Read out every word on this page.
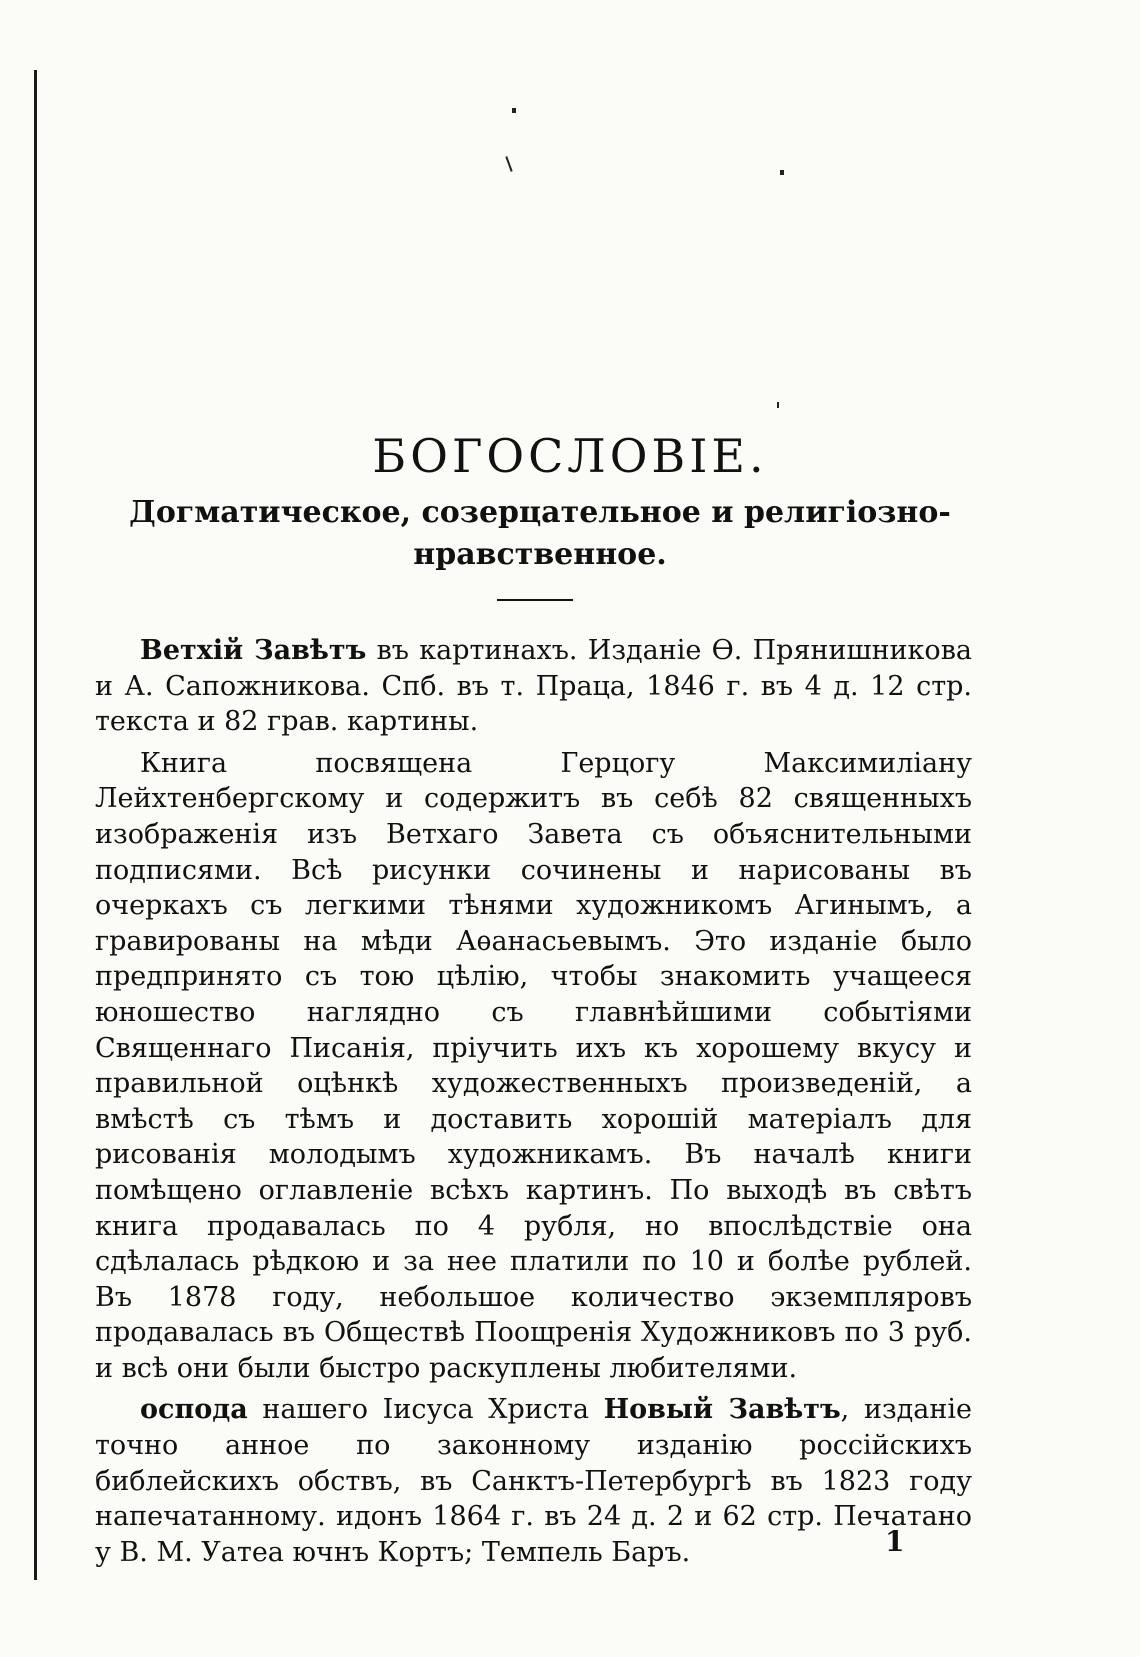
БОГОСЛОВІЕ.
Догматическое, созерцательное и религіозно-нравственное.

Ветхій Завѣтъ въ картинахъ. Изданіе Ѳ. Прянишникова и А. Сапожникова. Спб. въ т. Праца, 1846 г. въ 4 д. 12 стр. текста и 82 грав. картины.

Книга посвящена Герцогу Максимиліану Лейхтенбергскому и содержитъ въ себѣ 82 священныхъ изображенія изъ Ветхаго Завета съ объяснительными подписями. Всѣ рисунки сочинены и нарисованы въ очеркахъ съ легкими тѣнями художникомъ Агинымъ, а гравированы на мѣди Аѳанасьевымъ. Это изданіе было предпринято съ тою цѣлію, чтобы знакомить учащееся юношество наглядно съ главнѣйшими событіями Священнаго Писанія, пріучить ихъ къ хорошему вкусу и правильной оцѣнкѣ художественныхъ произведеній, а вмѣстѣ съ тѣмъ и доставить хорошій матеріалъ для рисованія молодымъ художникамъ. Въ началѣ книги помѣщено оглавленіе всѣхъ картинъ. По выходѣ въ свѣтъ книга продавалась по 4 рубля, но впослѣдствіе она сдѣлалась рѣдкою и за нее платили по 10 и болѣе рублей. Въ 1878 году, небольшое количество экземпляровъ продавалась въ Обществѣ Поощренія Художниковъ по 3 руб. и всѣ они были быстро раскуплены любителями.

осподa нашего Іисуса Христа Новый Завѣтъ, изданіе точно анное по законному изданію россійскихъ библейскихъ обствъ, въ Санктъ-Петербургѣ въ 1823 году напечатанному. идонъ 1864 г. въ 24 д. 2 и 62 стр. Печатано у В. М. Уатеа ючнъ Кортъ; Темпель Баръ.	1
